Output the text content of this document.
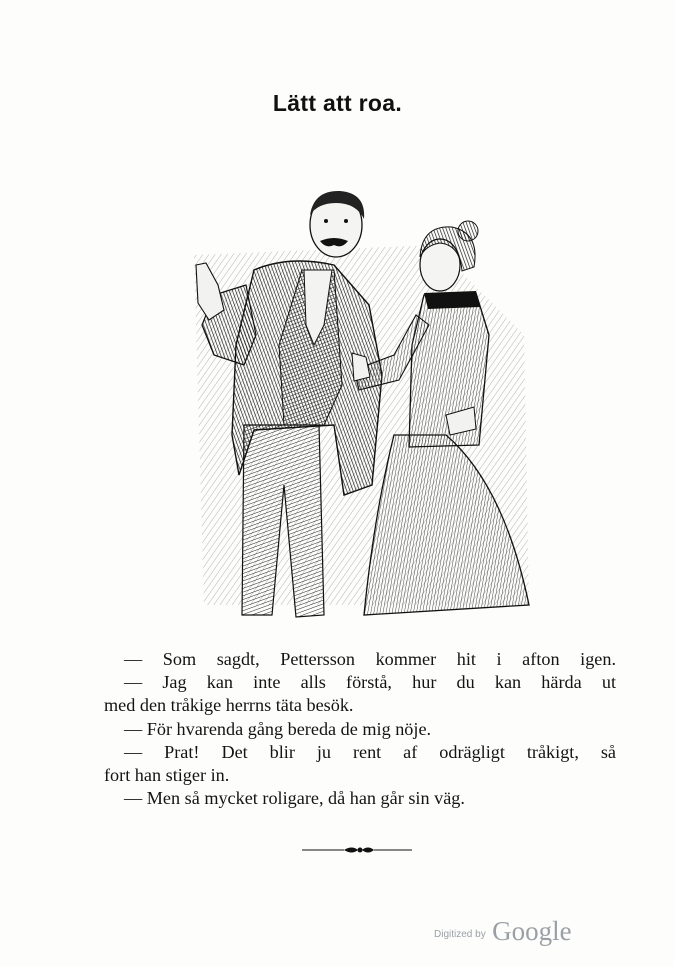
Lätt att roa.

— Som sagdt, Pettersson kommer hit i afton igen.

— Jag kan inte alls förstå, hur du kan härda ut

med den tråkige herrns täta besök.

— För hvarenda gång bereda de mig nöje.

— Prat! Det blir ju rent af odrägligt tråkigt, så

fort han stiger in.

— Men så mycket roligare, då han går sin väg.

Digitized by Google
